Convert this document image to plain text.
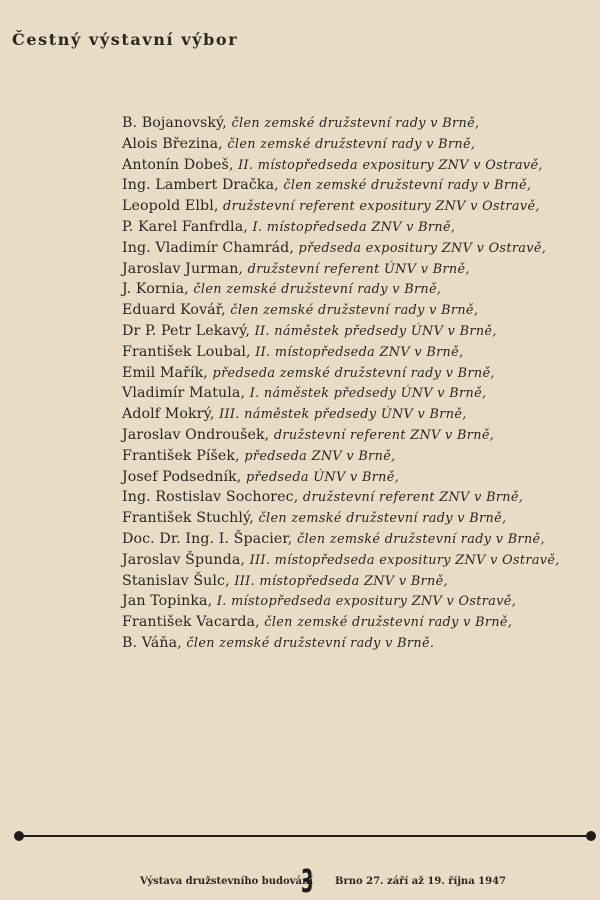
Čestný výstavní výbor
B. Bojanovský, člen zemské družstevní rady v Brně,
Alois Březina, člen zemské družstevní rady v Brně,
Antonín Dobeš, II. místopředseda expositury ZNV v Ostravě,
Ing. Lambert Dračka, člen zemské družstevní rady v Brně,
Leopold Elbl, družstevní referent expositury ZNV v Ostravě,
P. Karel Fanfrdla, I. místopředseda ZNV v Brně,
Ing. Vladimír Chamrád, předseda expositury ZNV v Ostravě,
Jaroslav Jurman, družstevní referent ÚNV v Brně,
J. Kornia, člen zemské družstevní rady v Brně,
Eduard Kovář, člen zemské družstevní rady v Brně,
Dr P. Petr Lekavý, II. náměstek předsedy ÚNV v Brně,
František Loubal, II. místopředseda ZNV v Brně,
Emil Mařík, předseda zemské družstevní rady v Brně,
Vladimír Matula, I. náměstek předsedy ÚNV v Brně,
Adolf Mokrý, III. náměstek předsedy ÚNV v Brně,
Jaroslav Ondroušek, družstevní referent ZNV v Brně,
František Píšek, předseda ZNV v Brně,
Josef Podsedník, předseda ÚNV v Brně,
Ing. Rostislav Sochorec, družstevní referent ZNV v Brně,
František Stuchlý, člen zemské družstevní rady v Brně,
Doc. Dr. Ing. I. Špacier, člen zemské družstevní rady v Brně,
Jaroslav Špunda, III. místopředseda expositury ZNV v Ostravě,
Stanislav Šulc, III. místopředseda ZNV v Brně,
Jan Topinka, I. místopředseda expositury ZNV v Ostravě,
František Vacarda, člen zemské družstevní rady v Brně,
B. Váňa, člen zemské družstevní rady v Brně.
Výstava družstevního budování
3 Brno 27. září až 19. října 1947
